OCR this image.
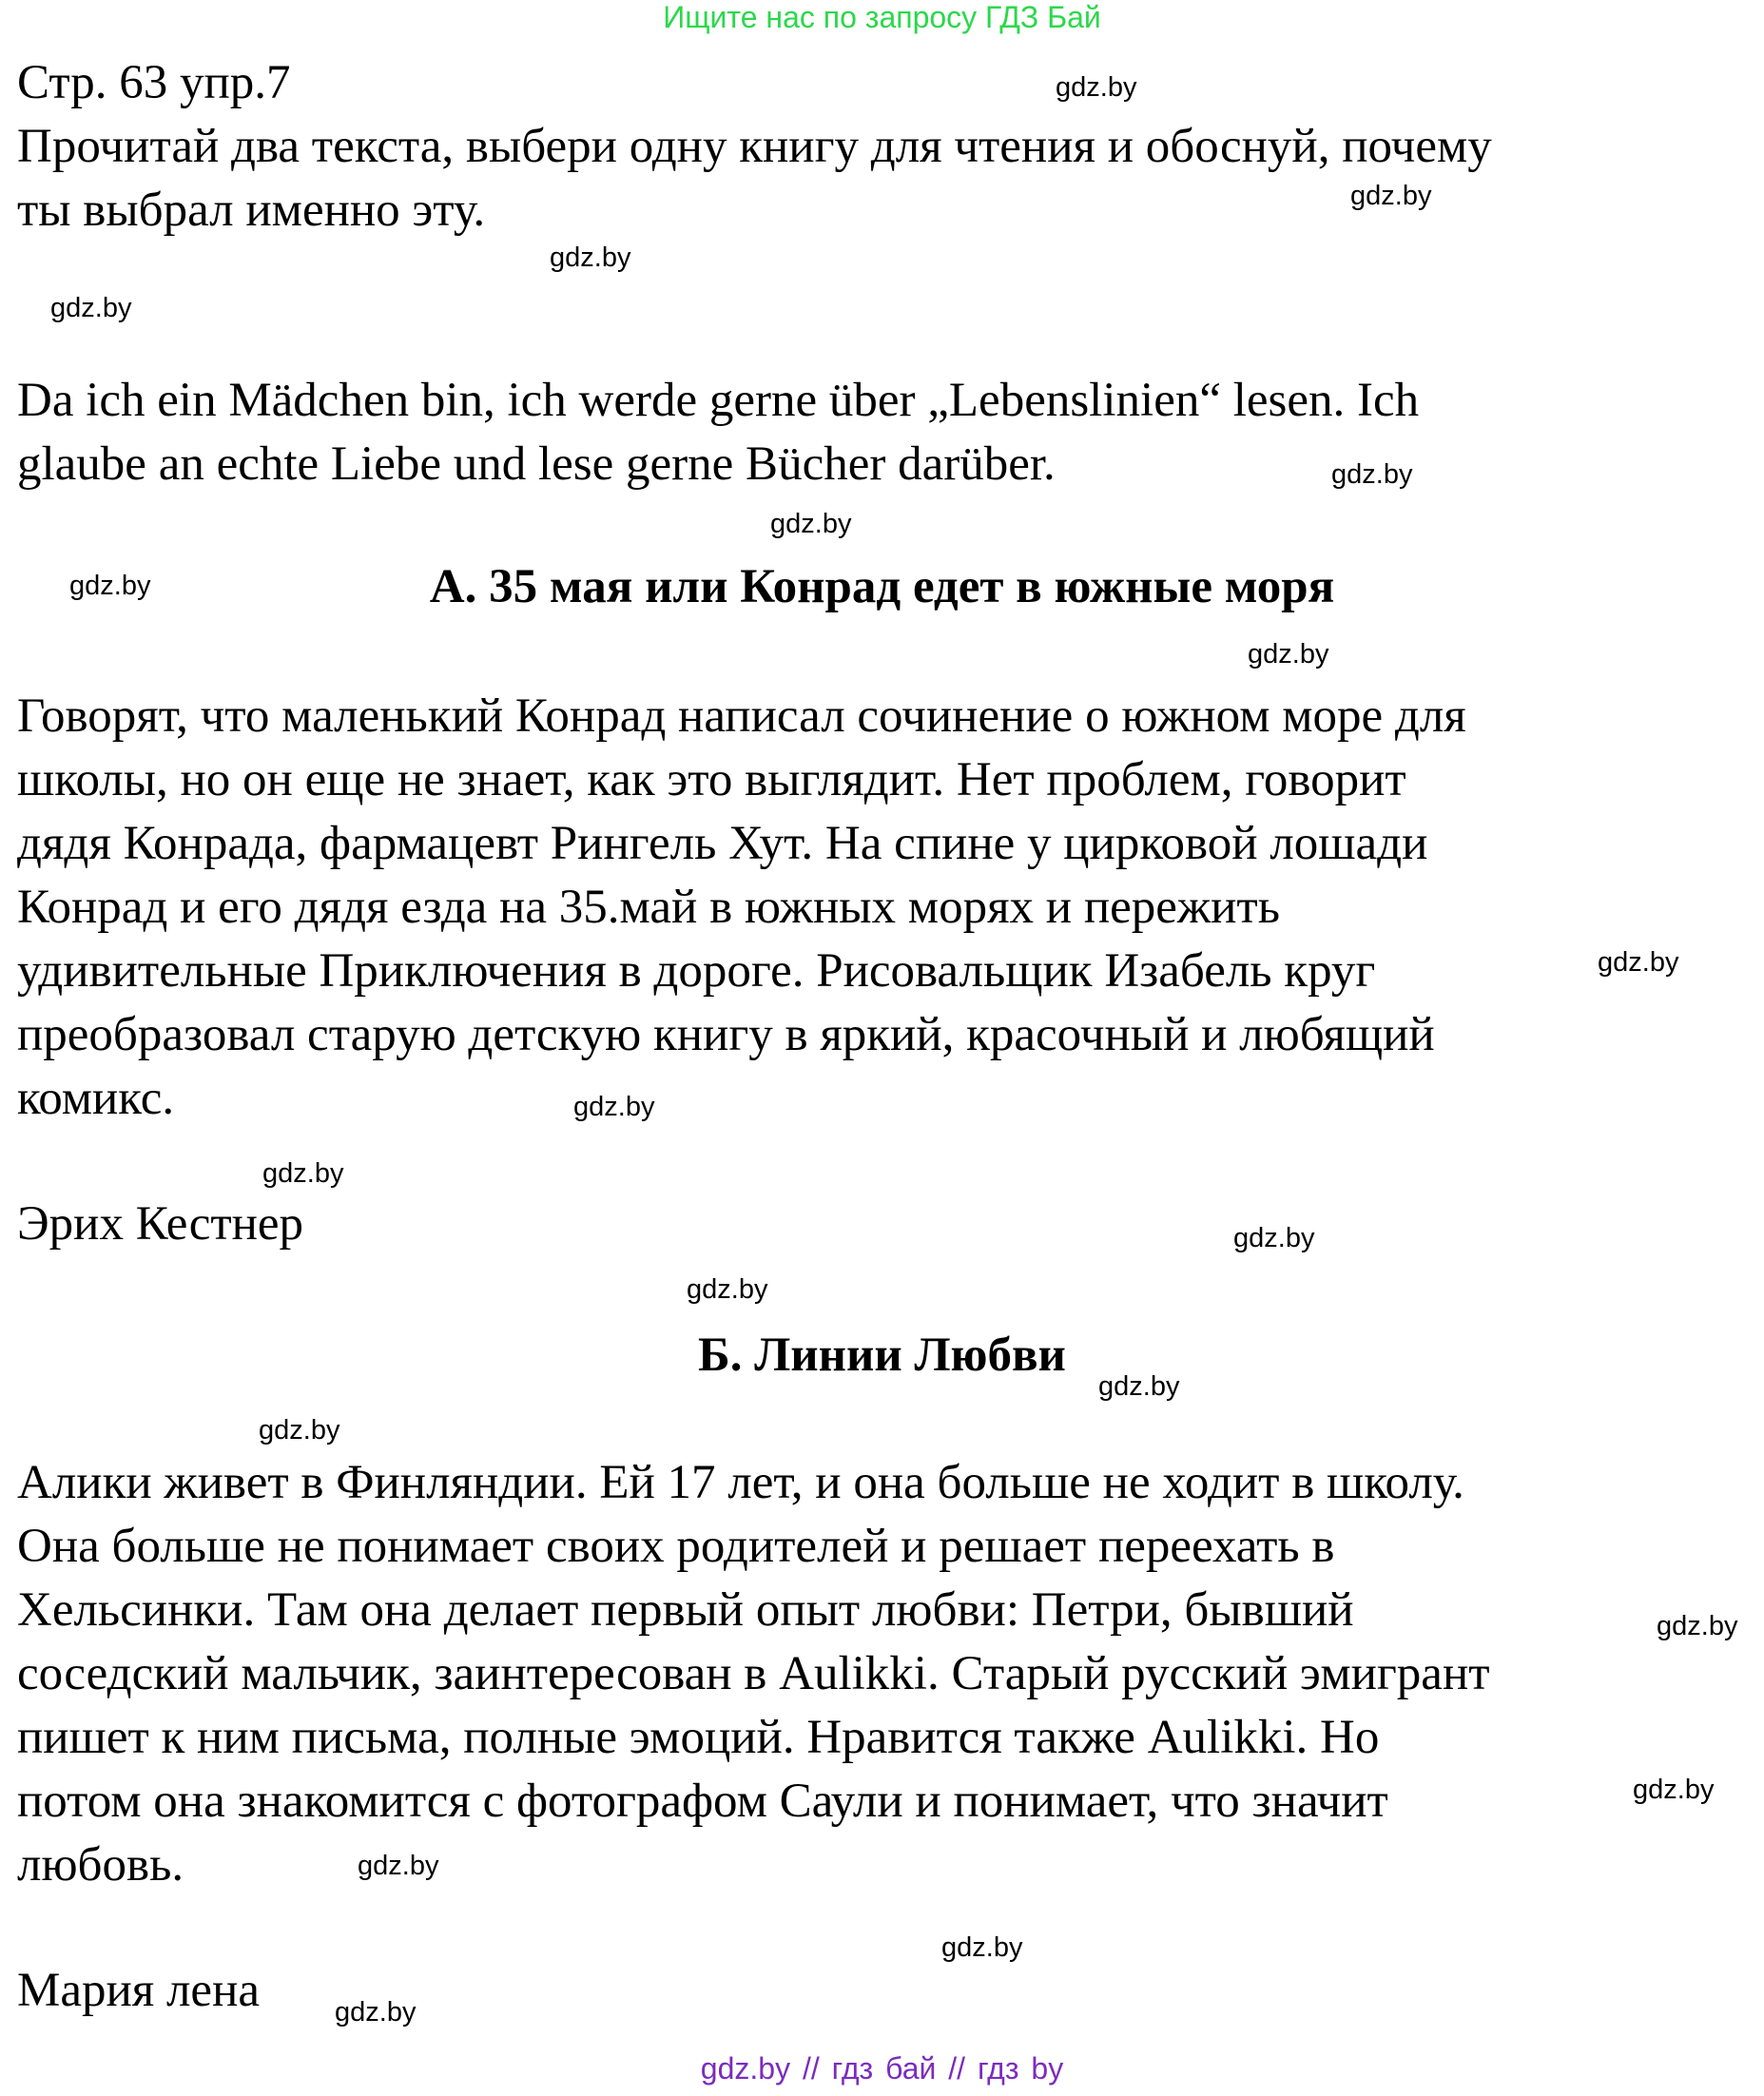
Ищите нас по запросу ГДЗ Бай

Стр. 63 упр.7

Прочитай два текста, выбери одну книгу для чтения и обоснуй, почему

ты выбрал именно эту.

Da ich ein Mädchen bin, ich werde gerne über „Lebenslinien“ lesen. Ich

glaube an echte Liebe und lese gerne Bücher darüber.

А. 35 мая или Конрад едет в южные моря

Говорят, что маленький Конрад написал сочинение о южном море для

школы, но он еще не знает, как это выглядит. Нет проблем, говорит

дядя Конрада, фармацевт Рингель Хут. На спине у цирковой лошади

Конрад и его дядя езда на 35.май в южных морях и пережить

удивительные Приключения в дороге. Рисовальщик Изабель круг

преобразовал старую детскую книгу в яркий, красочный и любящий

комикс.

Эрих Кестнер

Б. Линии Любви

Алики живет в Финляндии. Ей 17 лет, и она больше не ходит в школу.

Она больше не понимает своих родителей и решает переехать в

Хельсинки. Там она делает первый опыт любви: Петри, бывший

соседский мальчик, заинтересован в Aulikki. Старый русский эмигрант

пишет к ним письма, полные эмоций. Нравится также Aulikki. Но

потом она знакомится с фотографом Саули и понимает, что значит

любовь.

Мария лена

gdz.by
gdz.by
gdz.by
gdz.by
gdz.by
gdz.by
gdz.by
gdz.by
gdz.by
gdz.by
gdz.by
gdz.by
gdz.by
gdz.by
gdz.by
gdz.by
gdz.by
gdz.by
gdz.by
gdz.by
gdz.by // гдз бай // гдз by
